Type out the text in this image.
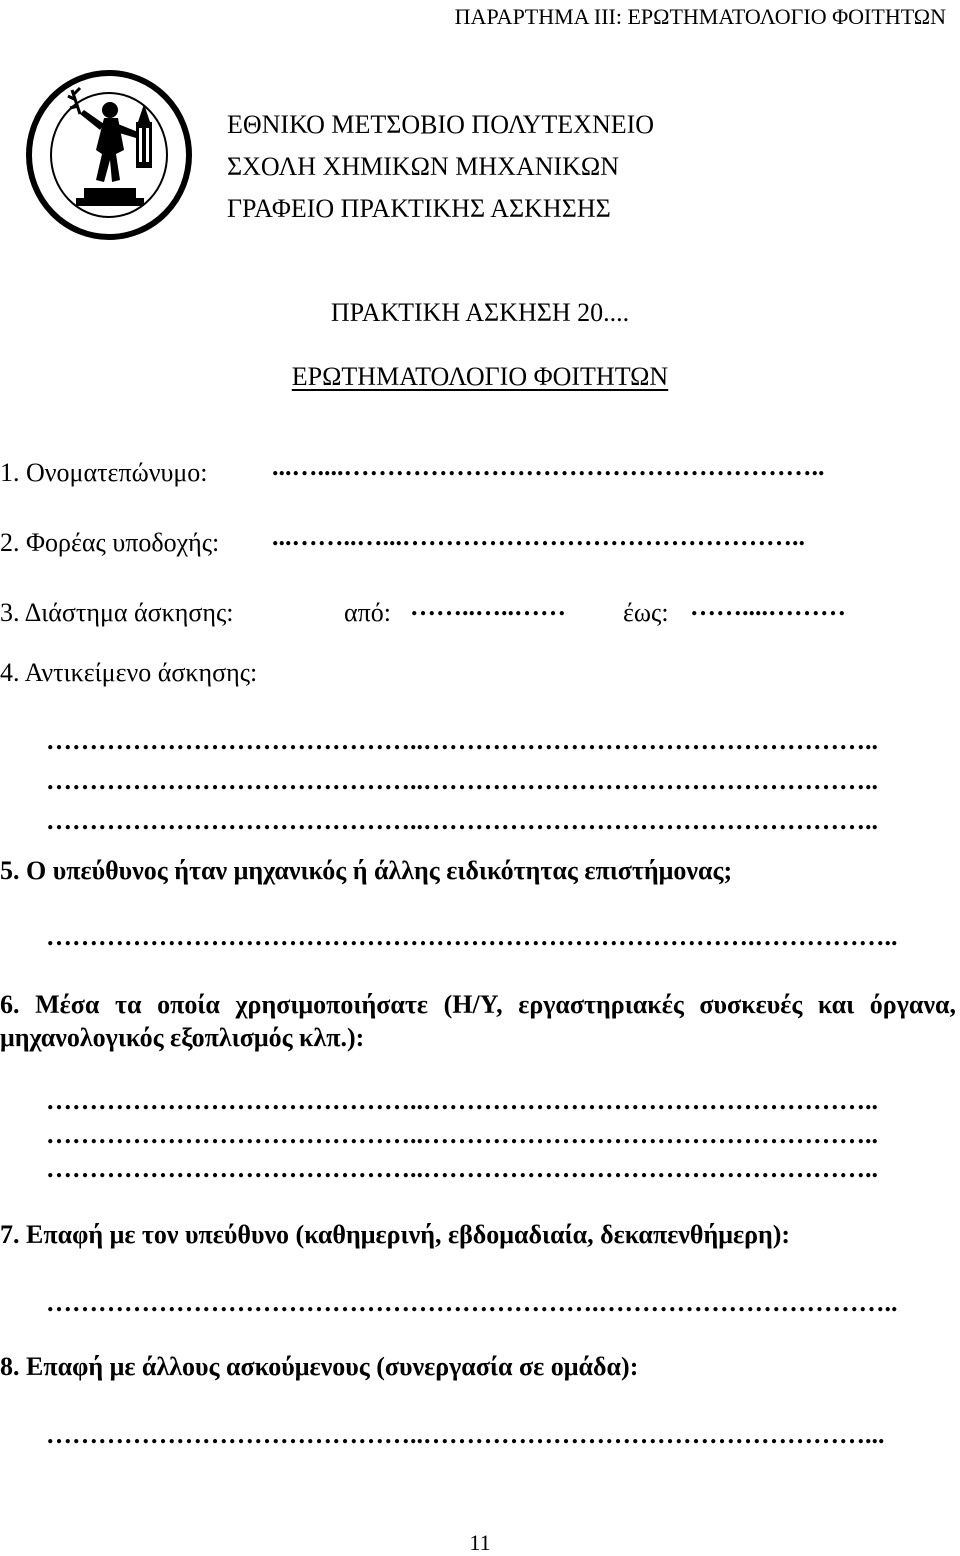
ΠΑΡΑΡΤΗΜΑ III: ΕΡΩΤΗΜΑΤΟΛΟΓΙΟ ΦΟΙΤΗΤΩΝ
ΕΘΝΙΚΟ ΜΕΤΣΟΒΙΟ ΠΟΛΥΤΕΧΝΕΙΟ
ΣΧΟΛΗ ΧΗΜΙΚΩΝ ΜΗΧΑΝΙΚΩΝ
ΓΡΑΦΕΙΟ ΠΡΑΚΤΙΚΗΣ ΑΣΚΗΣΗΣ
ΠΡΑΚΤΙΚΗ ΑΣΚΗΣΗ 20....
ΕΡΩΤΗΜΑΤΟΛΟΓΙΟ ΦΟΙΤΗΤΩΝ
1. Ονοματεπώνυμο: ...…....………………………………………………..
2. Φορέας υποδοχής: ...……..…...………………………………………..
3. Διάστημα άσκησης:	από: ……..…..……	έως: ……....………
4. Αντικείμενο άσκησης:
……………………………………..……………………………………………..
……………………………………..……………………………………………..
……………………………………..……………………………………………..
5. Ο υπεύθυνος ήταν μηχανικός ή άλλης ειδικότητας επιστήμονας;
……………………………………………………………………….……………..
6. Μέσα τα οποία χρησιμοποιήσατε (Η/Υ, εργαστηριακές συσκευές και όργανα, μηχανολογικός εξοπλισμός κλπ.):
……………………………………..……………………………………………..
……………………………………..……………………………………………..
……………………………………..……………………………………………..
7. Επαφή με τον υπεύθυνο (καθημερινή, εβδομαδιαία, δεκαπενθήμερη):
……………………………………………………….……………………………..
8. Επαφή με άλλους ασκούμενους (συνεργασία σε ομάδα):
……………………………………..……………………………………………...
11
